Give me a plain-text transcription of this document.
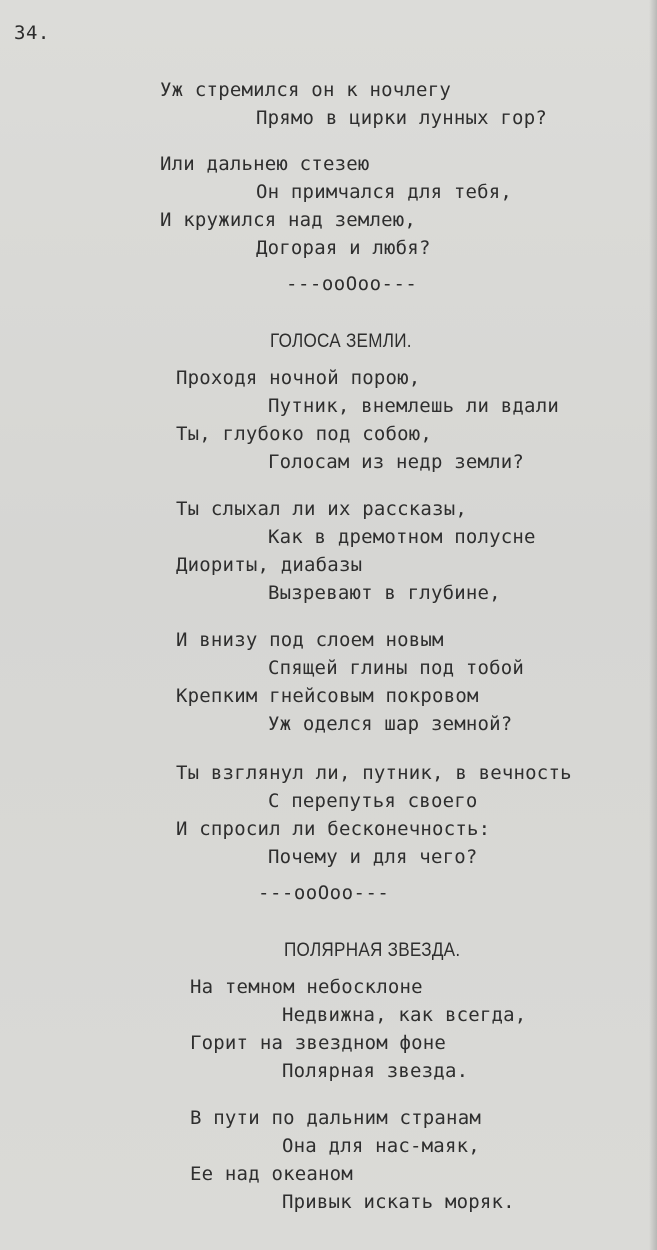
34.
Уж стремился он к ночлегу
Прямо в цирки лунных гор?
Или дальнею стезею
Он примчался для тебя,
И кружился над землею,
Догорая и любя?
---ооОоо---
ГОЛОСА ЗЕМЛИ.
Проходя ночной порою,
Путник, внемлешь ли вдали
Ты, глубоко под собою,
Голосам из недр земли?
Ты слыхал ли их рассказы,
Как в дремотном полусне
Диориты, диабазы
Вызревают в глубине,
И внизу под слоем новым
Спящей глины под тобой
Крепким гнейсовым покровом
Уж оделся шар земной?
Ты взглянул ли, путник, в вечность
С перепутья своего
И спросил ли бесконечность:
Почему и для чего?
---ооОоо---
ПОЛЯРНАЯ ЗВЕЗДА.
На темном небосклоне
Недвижна, как всегда,
Горит на звездном фоне
Полярная звезда.
В пути по дальним странам
Она для нас-маяк,
Ее над океаном
Привык искать моряк.
